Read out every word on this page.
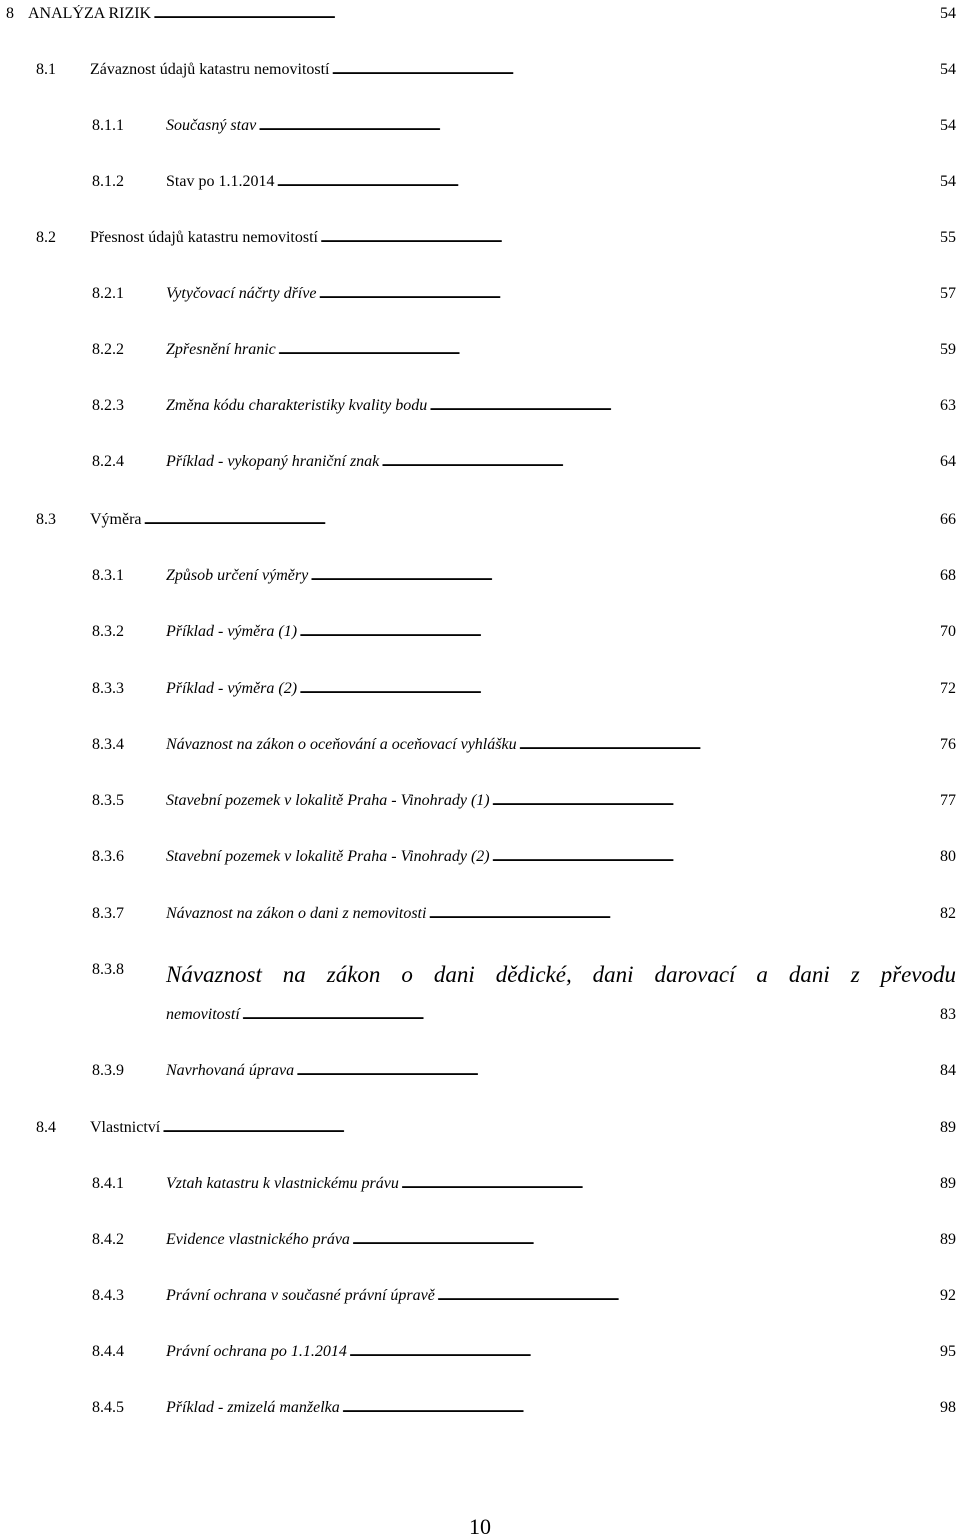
8 ANALÝZA RIZIK . . .	54
8.1	Závaznost údajů katastru nemovitostí . . .	54
8.1.1	Současný stav . . .	54
8.1.2	Stav po 1.1.2014 . . .	54
8.2	Přesnost údajů katastru nemovitostí . . .	55
8.2.1	Vytyčovací náčrty dříve . . .	57
8.2.2	Zpřesnění hranic . . .	59
8.2.3	Změna kódu charakteristiky kvality bodu . . .	63
8.2.4	Příklad - vykopaný hraniční znak . . .	64
8.3	Výměra . . .	66
8.3.1	Způsob určení výměry . . .	68
8.3.2	Příklad - výměra (1) . . .	70
8.3.3	Příklad - výměra (2) . . .	72
8.3.4	Návaznost na zákon o oceňování a oceňovací vyhlášku . . .	76
8.3.5	Stavební pozemek v lokalitě Praha - Vinohrady (1) . . .	77
8.3.6	Stavební pozemek v lokalitě Praha - Vinohrady (2) . . .	80
8.3.7	Návaznost na zákon o dani z nemovitosti . . .	82
8.3.8	Návaznost na zákon o dani dědické, dani darovací a dani z převodu
nemovitostí . . .	83
8.3.9	Navrhovaná úprava . . .	84
8.4	Vlastnictví . . .	89
8.4.1	Vztah katastru k vlastnickému právu . . .	89
8.4.2	Evidence vlastnického práva . . .	89
8.4.3	Právní ochrana v současné právní úpravě . . .	92
8.4.4	Právní ochrana po 1.1.2014 . . .	95
8.4.5	Příklad - zmizelá manželka . . .	98
10
